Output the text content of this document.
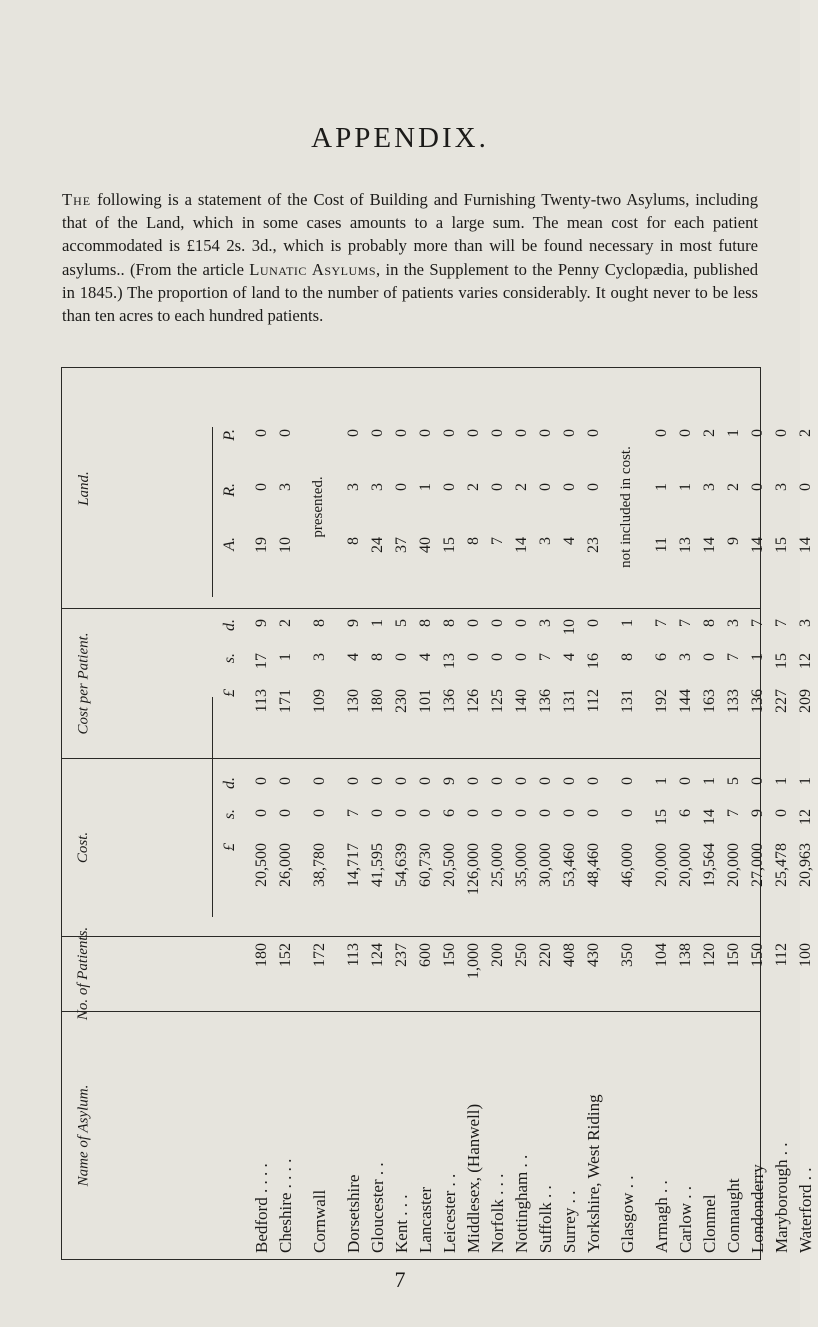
APPENDIX.
The following is a statement of the Cost of Building and Furnishing Twenty-two Asylums, including that of the Land, which in some cases amounts to a large sum. The mean cost for each patient accommodated is £154 2s. 3d., which is probably more than will be found necessary in most future asylums.. (From the article Lunatic Asylums, in the Supplement to the Penny Cyclopædia, published in 1845.) The proportion of land to the number of patients varies considerably. It ought never to be less than ten acres to each hundred patients.
Land.
Cost per Patient.
Cost.
No. of Patients.
Name of Asylum.
£
s.
d.
£
s.
d.
A.
R.
P.
Bedford . . . .
180
20,500
0
0
113
17
9
19
0
0
Cheshire . . . .
152
26,000
0
0
171
1
2
10
3
0
Cornwall
172
38,780
0
0
109
3
8
Dorsetshire
113
14,717
7
0
130
4
9
8
3
0
Gloucester . .
124
41,595
0
0
180
8
1
24
3
0
Kent . . .
237
54,639
0
0
230
0
5
37
0
0
Lancaster
600
60,730
0
0
101
4
8
40
1
0
Leicester . .
150
20,500
6
9
136
13
8
15
0
0
Middlesex, (Hanwell)
1,000
126,000
0
0
126
0
0
8
2
0
Norfolk . . .
200
25,000
0
0
125
0
0
7
0
0
Nottingham . .
250
35,000
0
0
140
0
0
14
2
0
Suffolk . .
220
30,000
0
0
136
7
3
3
0
0
Surrey . .
408
53,460
0
0
131
4
10
4
0
0
Yorkshire, West Riding
430
48,460
0
0
112
16
0
23
0
0
Glasgow . .
350
46,000
0
0
131
8
1
Armagh . .
104
20,000
15
1
192
6
7
11
1
0
Carlow . .
138
20,000
6
0
144
3
7
13
1
0
Clonmel
120
19,564
14
1
163
0
8
14
3
2
Connaught
150
20,000
7
5
133
7
3
9
2
1
Londonderry
150
27,000
9
0
136
1
7
14
0
0
Maryborough . .
112
25,478
0
1
227
15
7
15
3
0
Waterford . .
100
20,963
12
1
209
12
3
14
0
2
presented.	not included in cost.
7
